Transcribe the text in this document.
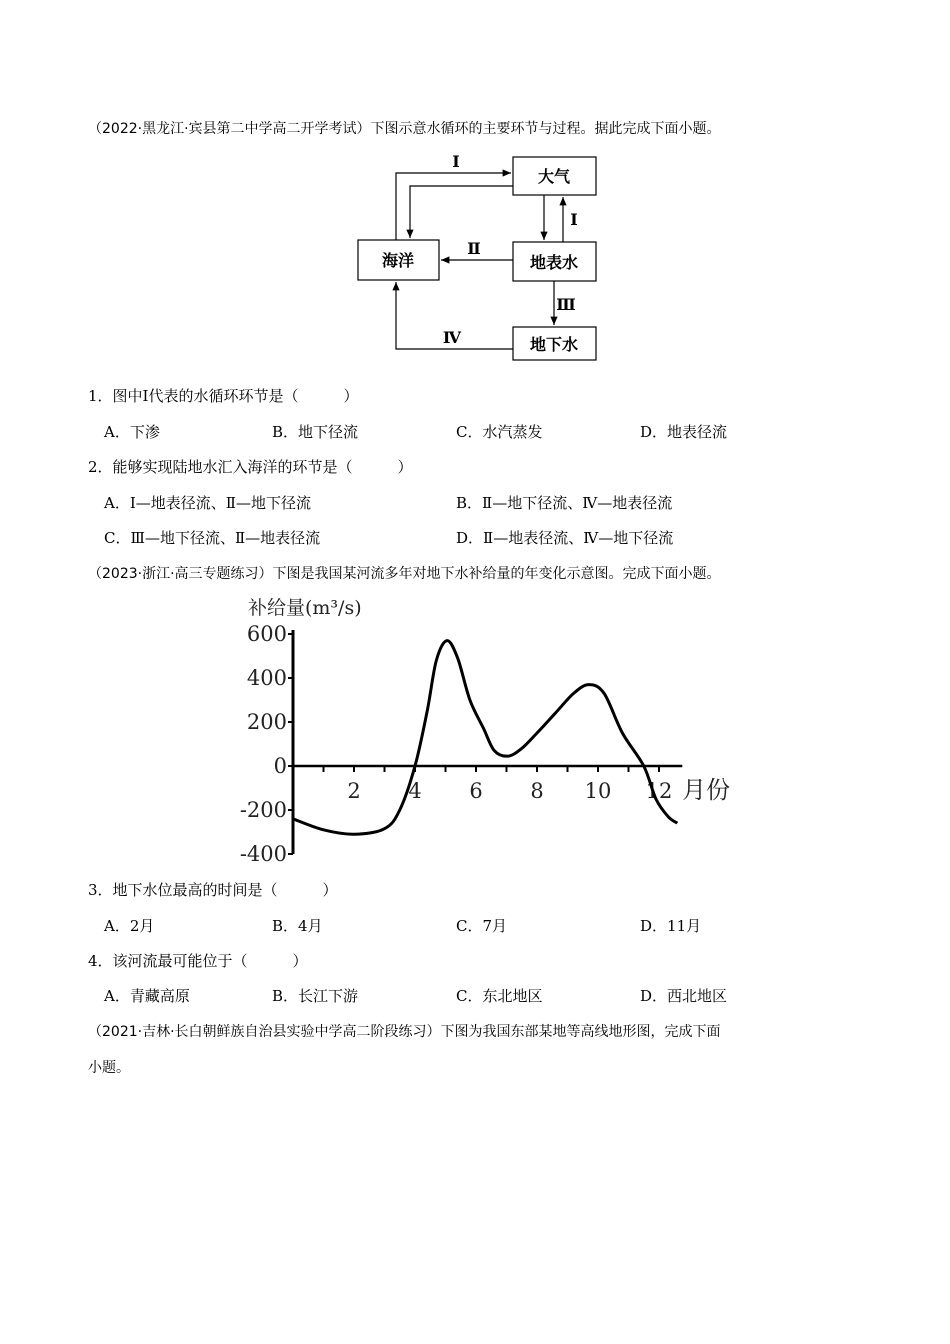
（2022·黑龙江·宾县第二中学高二开学考试）下图示意水循环的主要环节与过程。据此完成下面小题。
大气
海洋	地表水
地下水
Ⅰ
Ⅰ
Ⅱ
Ⅲ
Ⅳ
1．图中Ⅰ代表的水循环环节是（　　　）
A．下渗	B．地下径流	C．水汽蒸发	D．地表径流
2．能够实现陆地水汇入海洋的环节是（　　　）
A．Ⅰ—地表径流、Ⅱ—地下径流	B．Ⅱ—地下径流、Ⅳ—地表径流
C．Ⅲ—地下径流、Ⅱ—地表径流	D．Ⅱ—地表径流、Ⅳ—地下径流
（2023·浙江·高三专题练习）下图是我国某河流多年对地下水补给量的年变化示意图。完成下面小题。
600
400
200
0
-200
-400
2 4 6 8 10 12 月份
补给量(m³/s)
3．地下水位最高的时间是（　　　）
A．2月	B．4月	C．7月	D．11月
4．该河流最可能位于（　　　）
A．青藏高原	B．长江下游	C．东北地区	D．西北地区
（2021·吉林·长白朝鲜族自治县实验中学高二阶段练习）下图为我国东部某地等高线地形图，完成下面
小题。
